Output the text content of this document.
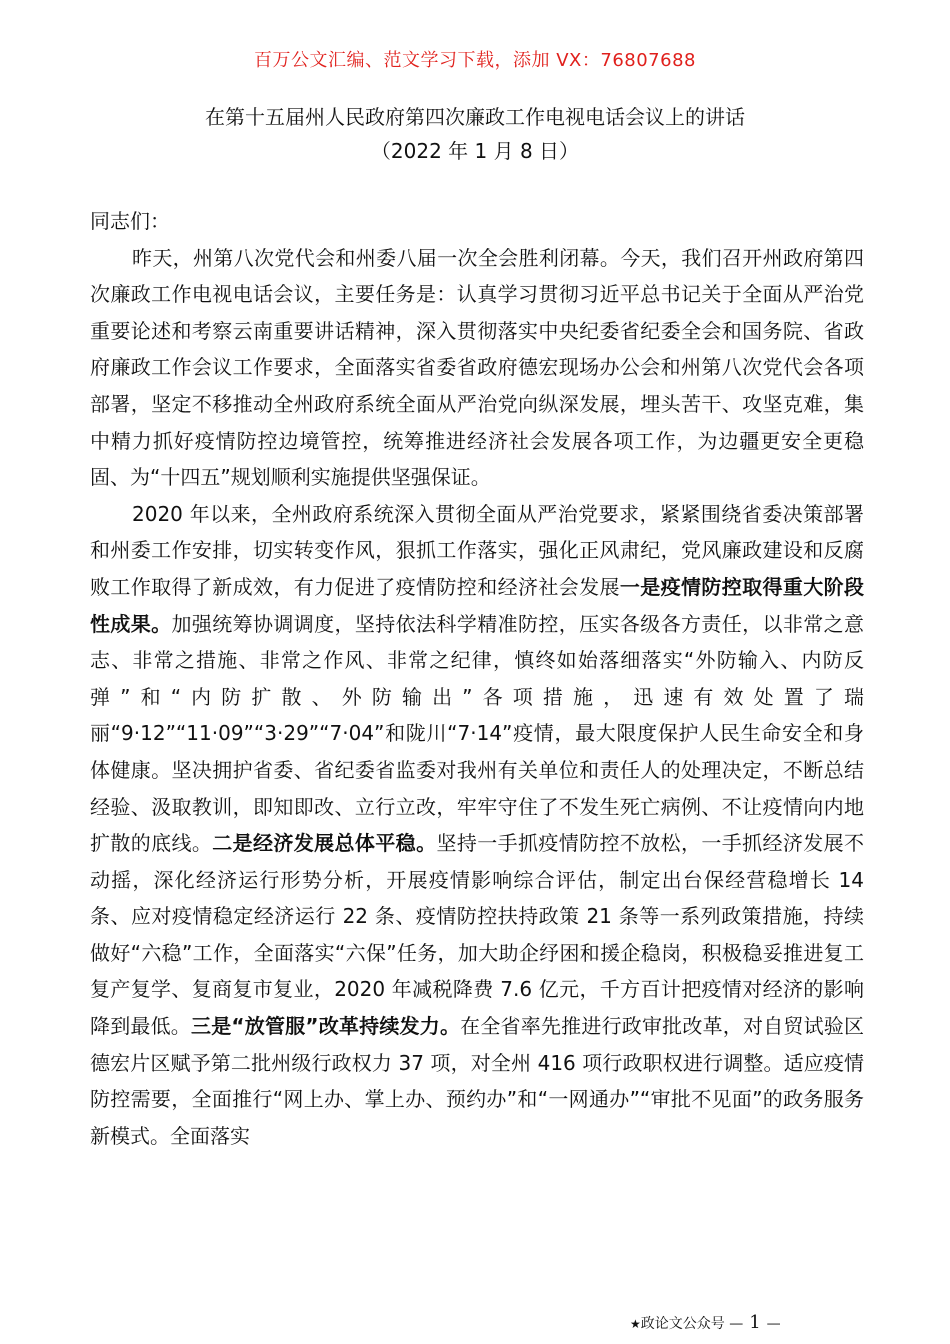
百万公文汇编、范文学习下载，添加 VX：76807688
在第十五届州人民政府第四次廉政工作电视电话会议上的讲话
（2022 年 1 月 8 日）

同志们：

昨天，州第八次党代会和州委八届一次全会胜利闭幕。今天，我们召开州政府第四次廉政工作电视电话会议，主要任务是：认真学习贯彻习近平总书记关于全面从严治党重要论述和考察云南重要讲话精神，深入贯彻落实中央纪委省纪委全会和国务院、省政府廉政工作会议工作要求，全面落实省委省政府德宏现场办公会和州第八次党代会各项部署，坚定不移推动全州政府系统全面从严治党向纵深发展，埋头苦干、攻坚克难，集中精力抓好疫情防控边境管控，统筹推进经济社会发展各项工作，为边疆更安全更稳固、为“十四五”规划顺利实施提供坚强保证。

2020 年以来，全州政府系统深入贯彻全面从严治党要求，紧紧围绕省委决策部署和州委工作安排，切实转变作风，狠抓工作落实，强化正风肃纪，党风廉政建设和反腐败工作取得了新成效，有力促进了疫情防控和经济社会发展一是疫情防控取得重大阶段性成果。加强统筹协调调度，坚持依法科学精准防控，压实各级各方责任，以非常之意志、非常之措施、非常之作风、非常之纪律，慎终如始落细落实“外防输入、内防反弹”和“内防扩散、外防输出”各项措施，迅速有效处置了瑞丽“9·12”“11·09”“3·29”“7·04”和陇川“7·14”疫情，最大限度保护人民生命安全和身体健康。坚决拥护省委、省纪委省监委对我州有关单位和责任人的处理决定，不断总结经验、汲取教训，即知即改、立行立改，牢牢守住了不发生死亡病例、不让疫情向内地扩散的底线。二是经济发展总体平稳。坚持一手抓疫情防控不放松，一手抓经济发展不动摇，深化经济运行形势分析，开展疫情影响综合评估，制定出台保经营稳增长 14 条、应对疫情稳定经济运行 22 条、疫情防控扶持政策 21 条等一系列政策措施，持续做好“六稳”工作，全面落实“六保”任务，加大助企纾困和援企稳岗，积极稳妥推进复工复产复学、复商复市复业，2020 年减税降费 7.6 亿元，千方百计把疫情对经济的影响降到最低。三是“放管服”改革持续发力。在全省率先推进行政审批改革，对自贸试验区德宏片区赋予第二批州级行政权力 37 项，对全州 416 项行政职权进行调整。适应疫情防控需要，全面推行“网上办、掌上办、预约办”和“一网通办”“审批不见面”的政务服务新模式。全面落实

★政论文公众号 — 1 —
